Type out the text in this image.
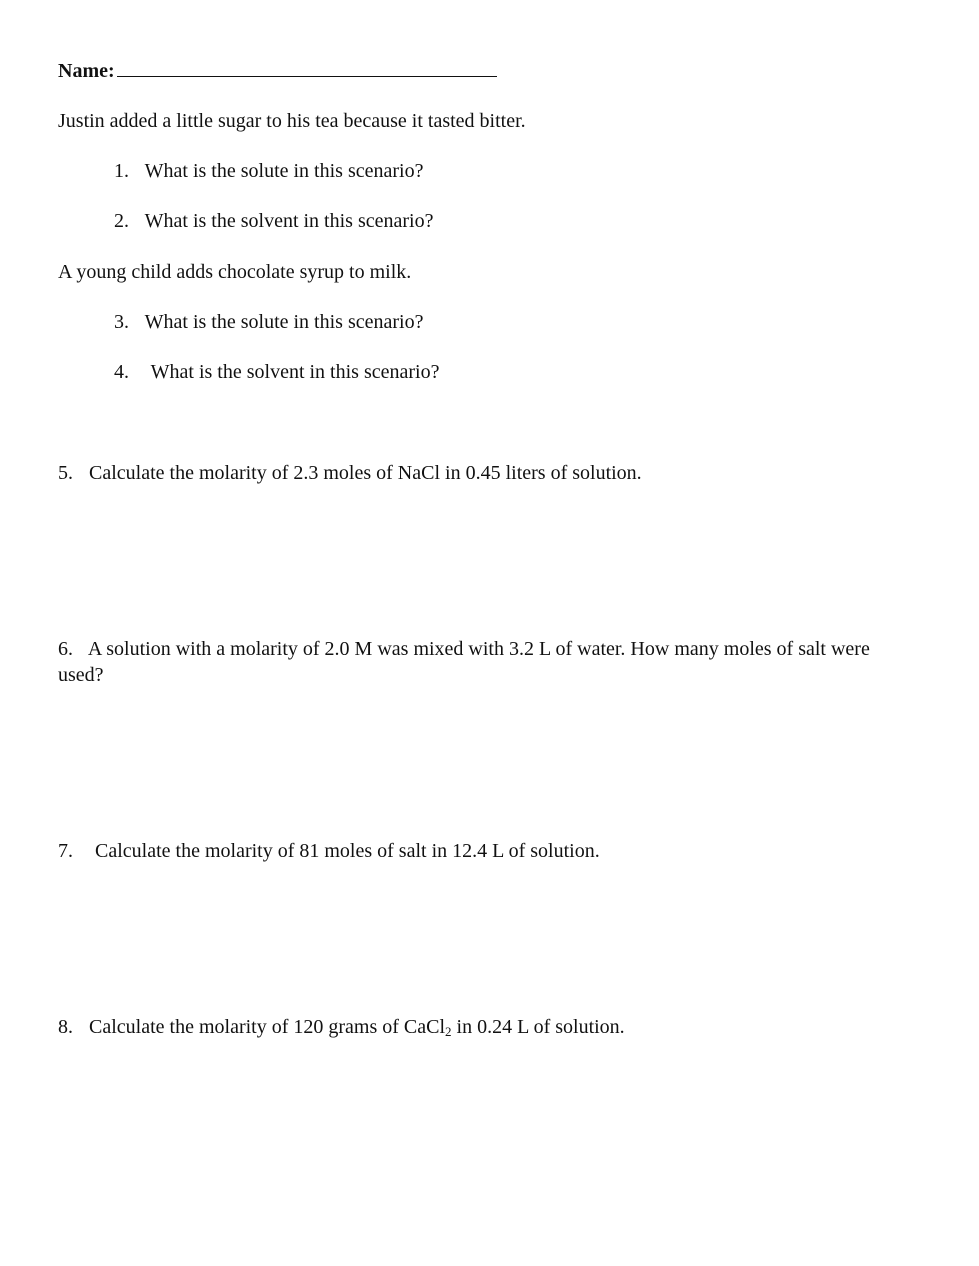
Name:
Justin added a little sugar to his tea because it tasted bitter.
1. What is the solute in this scenario?
2. What is the solvent in this scenario?
A young child adds chocolate syrup to milk.
3. What is the solute in this scenario?
4. What is the solvent in this scenario?
5. Calculate the molarity of 2.3 moles of NaCl in 0.45 liters of solution.
6. A solution with a molarity of 2.0 M was mixed with 3.2 L of water. How many moles of salt were used?
7. Calculate the molarity of 81 moles of salt in 12.4 L of solution.
8. Calculate the molarity of 120 grams of CaCl$_2$ in 0.24 L of solution.
